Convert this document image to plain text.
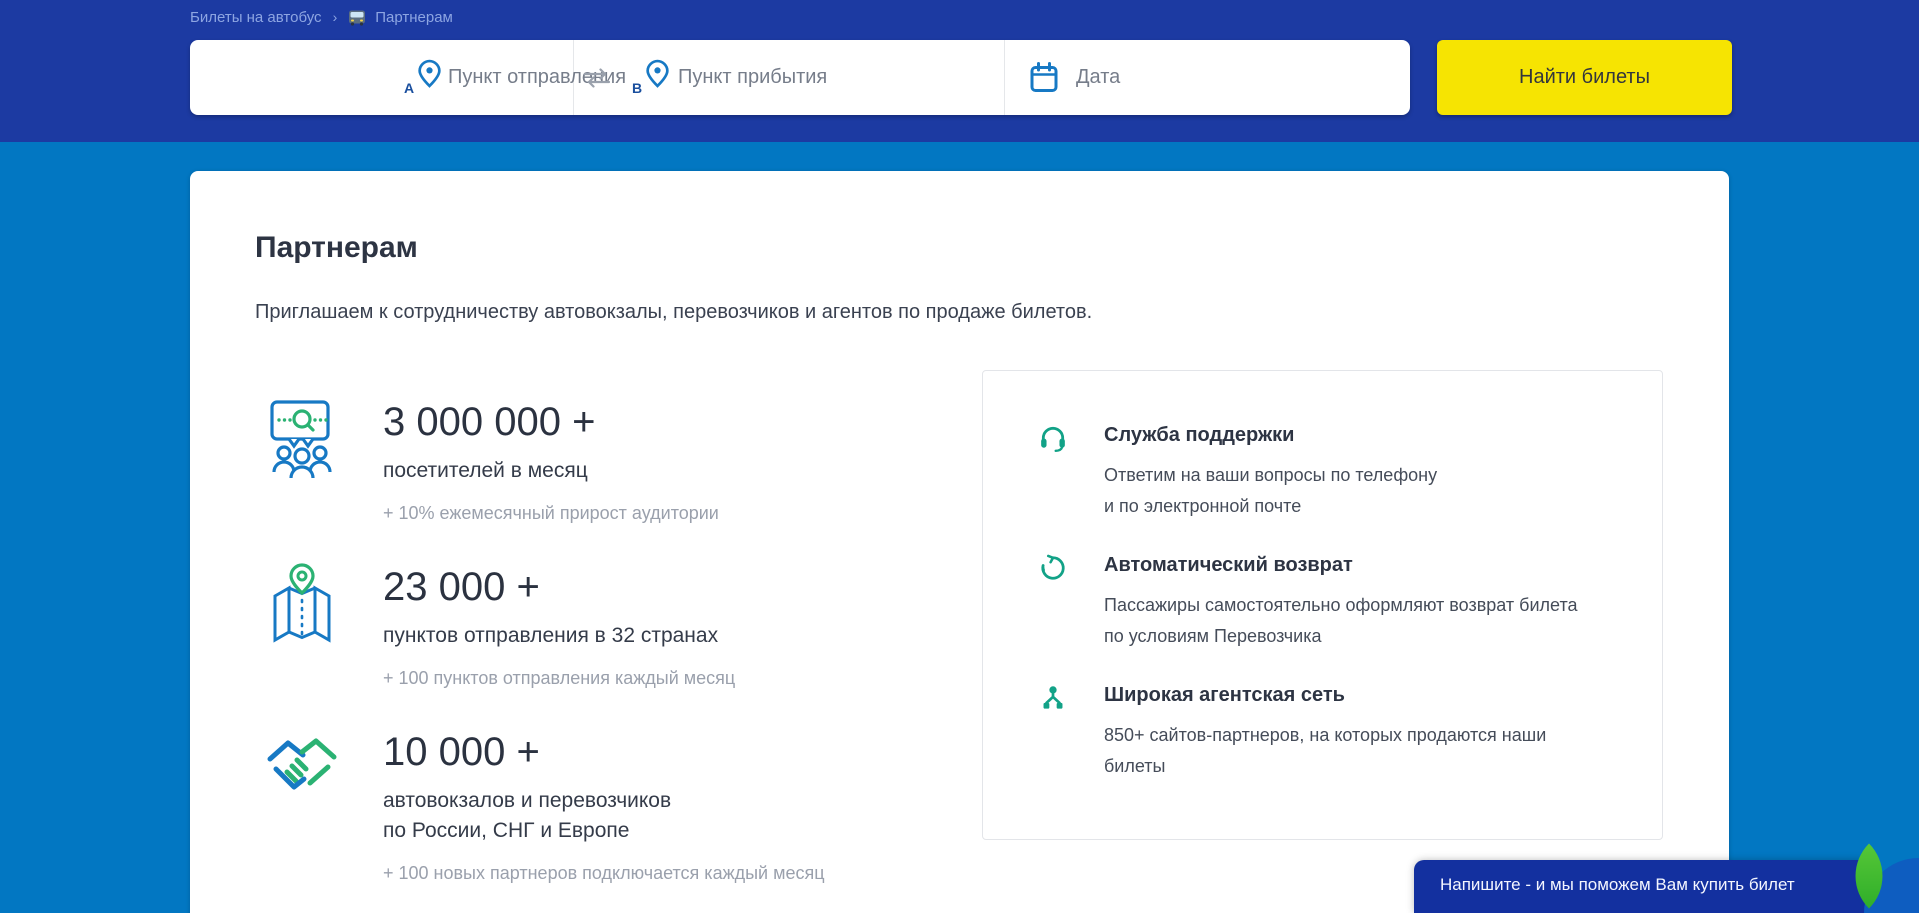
Билеты на автобус ›	Партнерам
A
Пункт отправления	B
Пункт прибытия
Дата	Найти билеты
Партнерам

Приглашаем к сотрудничеству автовокзалы, перевозчиков и агентов по продаже билетов.

3 000 000 +
посетителей в месяц
+ 10% ежемесячный прирост аудитории
23 000 +
пунктов отправления в 32 странах
+ 100 пунктов отправления каждый месяц
10 000 +
автовокзалов и перевозчиков
по России, СНГ и Европе
+ 100 новых партнеров подключается каждый месяц
Служба поддержки
Ответим на ваши вопросы по телефону
и по электронной почте
Автоматический возврат
Пассажиры самостоятельно оформляют возврат билета
по условиям Перевозчика
Широкая агентская сеть
850+ сайтов-партнеров, на которых продаются наши
билеты
Напишите - и мы поможем Вам купить билет
